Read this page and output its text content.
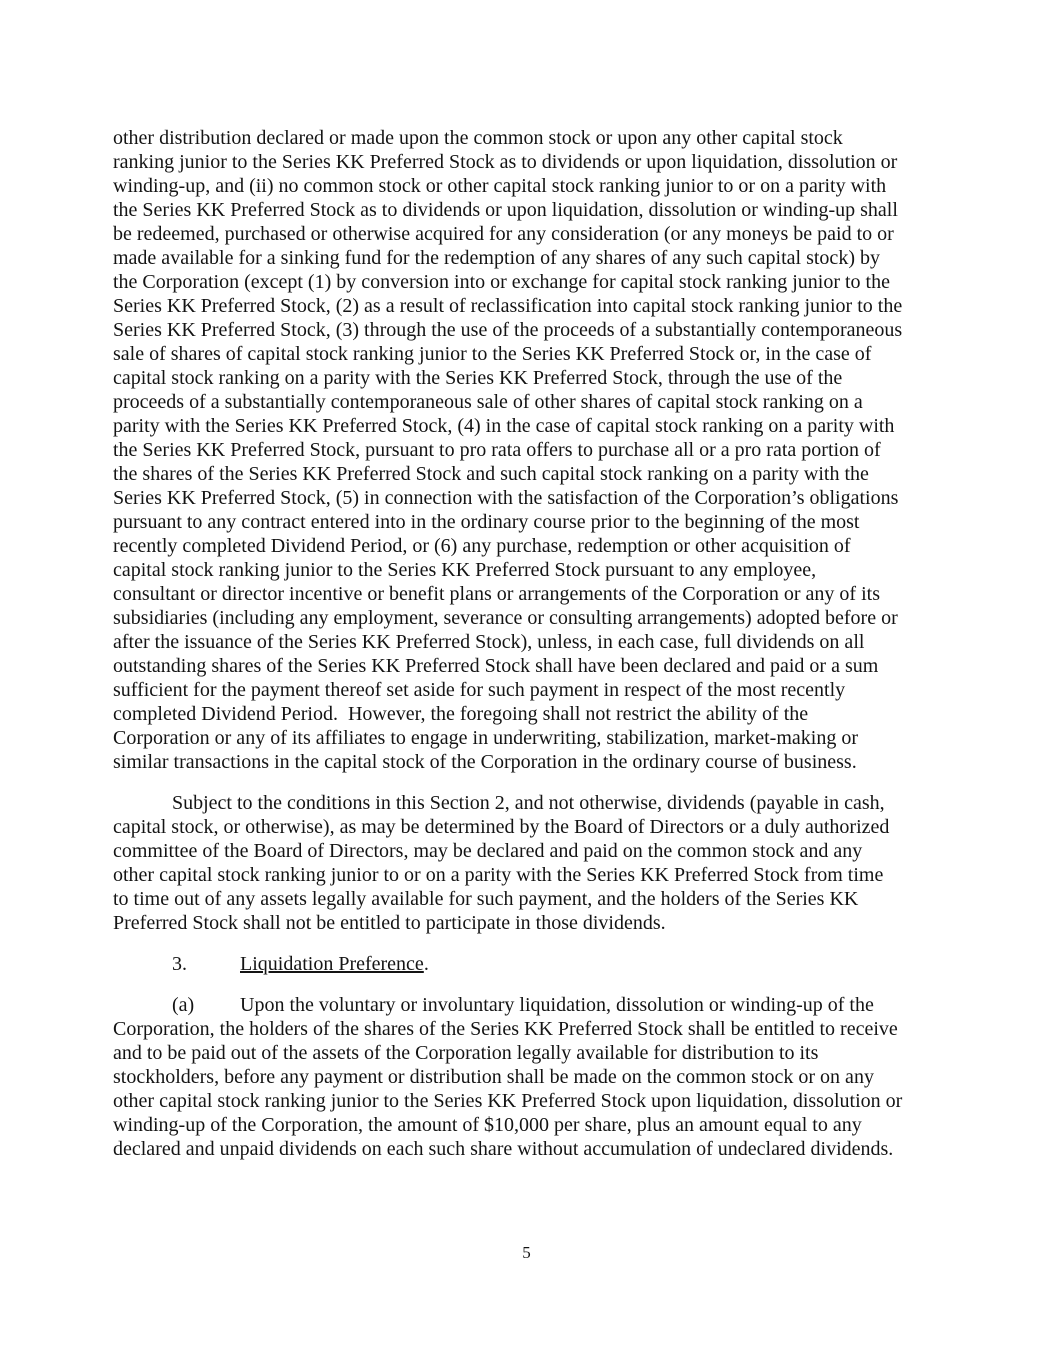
other distribution declared or made upon the common stock or upon any other capital stock
ranking junior to the Series KK Preferred Stock as to dividends or upon liquidation, dissolution or
winding-up, and (ii) no common stock or other capital stock ranking junior to or on a parity with
the Series KK Preferred Stock as to dividends or upon liquidation, dissolution or winding-up shall
be redeemed, purchased or otherwise acquired for any consideration (or any moneys be paid to or
made available for a sinking fund for the redemption of any shares of any such capital stock) by
the Corporation (except (1) by conversion into or exchange for capital stock ranking junior to the
Series KK Preferred Stock, (2) as a result of reclassification into capital stock ranking junior to the
Series KK Preferred Stock, (3) through the use of the proceeds of a substantially contemporaneous
sale of shares of capital stock ranking junior to the Series KK Preferred Stock or, in the case of
capital stock ranking on a parity with the Series KK Preferred Stock, through the use of the
proceeds of a substantially contemporaneous sale of other shares of capital stock ranking on a
parity with the Series KK Preferred Stock, (4) in the case of capital stock ranking on a parity with
the Series KK Preferred Stock, pursuant to pro rata offers to purchase all or a pro rata portion of
the shares of the Series KK Preferred Stock and such capital stock ranking on a parity with the
Series KK Preferred Stock, (5) in connection with the satisfaction of the Corporation’s obligations
pursuant to any contract entered into in the ordinary course prior to the beginning of the most
recently completed Dividend Period, or (6) any purchase, redemption or other acquisition of
capital stock ranking junior to the Series KK Preferred Stock pursuant to any employee,
consultant or director incentive or benefit plans or arrangements of the Corporation or any of its
subsidiaries (including any employment, severance or consulting arrangements) adopted before or
after the issuance of the Series KK Preferred Stock), unless, in each case, full dividends on all
outstanding shares of the Series KK Preferred Stock shall have been declared and paid or a sum
sufficient for the payment thereof set aside for such payment in respect of the most recently
completed Dividend Period.  However, the foregoing shall not restrict the ability of the
Corporation or any of its affiliates to engage in underwriting, stabilization, market-making or
similar transactions in the capital stock of the Corporation in the ordinary course of business.
Subject to the conditions in this Section 2, and not otherwise, dividends (payable in cash,
capital stock, or otherwise), as may be determined by the Board of Directors or a duly authorized
committee of the Board of Directors, may be declared and paid on the common stock and any
other capital stock ranking junior to or on a parity with the Series KK Preferred Stock from time
to time out of any assets legally available for such payment, and the holders of the Series KK
Preferred Stock shall not be entitled to participate in those dividends.
3.	Liquidation Preference.
(a) Upon the voluntary or involuntary liquidation, dissolution or winding-up of the
Corporation, the holders of the shares of the Series KK Preferred Stock shall be entitled to receive
and to be paid out of the assets of the Corporation legally available for distribution to its
stockholders, before any payment or distribution shall be made on the common stock or on any
other capital stock ranking junior to the Series KK Preferred Stock upon liquidation, dissolution or
winding-up of the Corporation, the amount of $10,000 per share, plus an amount equal to any
declared and unpaid dividends on each such share without accumulation of undeclared dividends.
5
